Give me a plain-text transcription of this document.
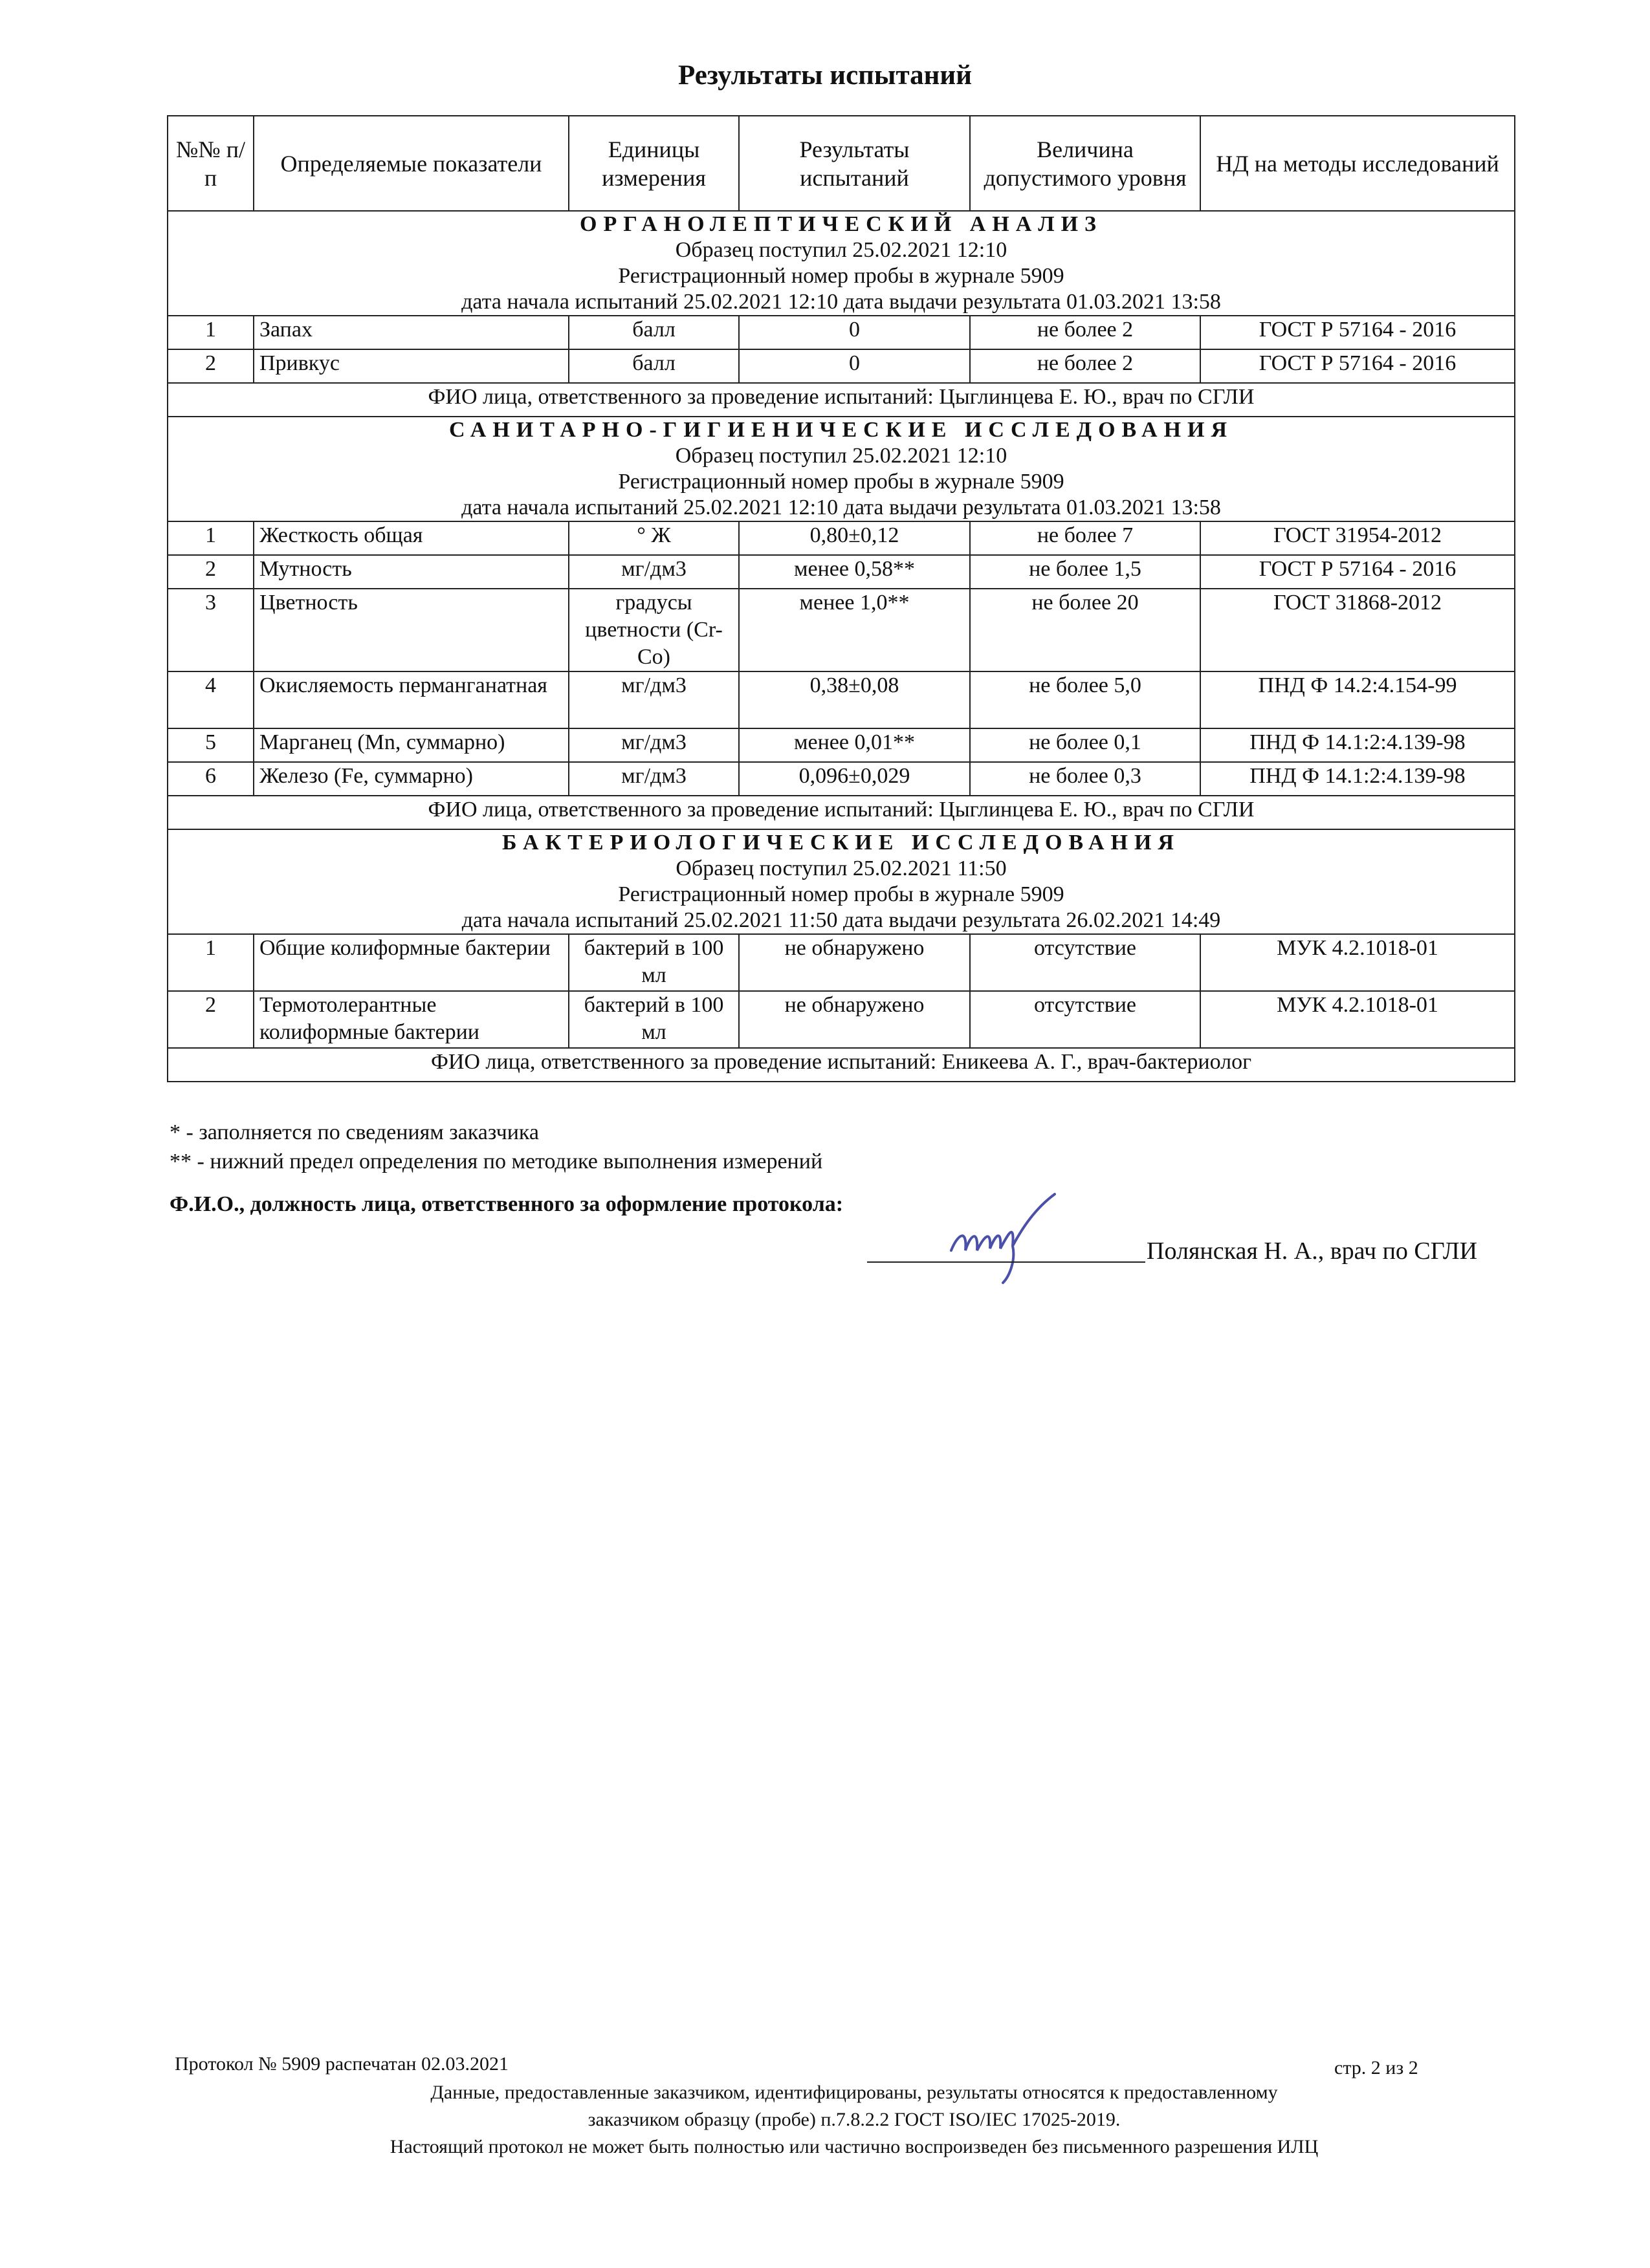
Результаты испытаний
№№ п/п	Определяемые показатели	Единицы измерения	Результаты испытаний	Величина допустимого уровня	НД на методы исследований

ОРГАНОЛЕПТИЧЕСКИЙ АНАЛИЗ
Образец поступил 25.02.2021 12:10
Регистрационный номер пробы в журнале 5909
дата начала испытаний 25.02.2021 12:10 дата выдачи результата 01.03.2021 13:58					

1	Запах	балл	0	не более 2	ГОСТ Р 57164 - 2016
2	Привкус	балл	0	не более 2	ГОСТ Р 57164 - 2016
ФИО лица, ответственного за проведение испытаний: Цыглинцева Е. Ю., врач по СГЛИ					

САНИТАРНО-ГИГИЕНИЧЕСКИЕ ИССЛЕДОВАНИЯ
Образец поступил 25.02.2021 12:10
Регистрационный номер пробы в журнале 5909
дата начала испытаний 25.02.2021 12:10 дата выдачи результата 01.03.2021 13:58					

1	Жесткость общая	° Ж	0,80±0,12	не более 7	ГОСТ 31954-2012
2	Мутность	мг/дм3	менее 0,58**	не более 1,5	ГОСТ Р 57164 - 2016
3	Цветность	градусы цветности (Cr-Co)	менее 1,0**	не более 20	ГОСТ 31868-2012
4	Окисляемость перманганатная	мг/дм3	0,38±0,08	не более 5,0	ПНД Ф 14.2:4.154-99
5	Марганец (Mn, суммарно)	мг/дм3	менее 0,01**	не более 0,1	ПНД Ф 14.1:2:4.139-98
6	Железо (Fe, суммарно)	мг/дм3	0,096±0,029	не более 0,3	ПНД Ф 14.1:2:4.139-98
ФИО лица, ответственного за проведение испытаний: Цыглинцева Е. Ю., врач по СГЛИ					

БАКТЕРИОЛОГИЧЕСКИЕ ИССЛЕДОВАНИЯ
Образец поступил 25.02.2021 11:50
Регистрационный номер пробы в журнале 5909
дата начала испытаний 25.02.2021 11:50 дата выдачи результата 26.02.2021 14:49					

1	Общие колиформные бактерии	бактерий в 100 мл	не обнаружено	отсутствие	МУК 4.2.1018-01
2	Термотолерантные колиформные бактерии	бактерий в 100 мл	не обнаружено	отсутствие	МУК 4.2.1018-01
ФИО лица, ответственного за проведение испытаний: Еникеева А. Г., врач-бактериолог					
* - заполняется по сведениям заказчика
** - нижний предел определения по методике выполнения измерений
Ф.И.О., должность лица, ответственного за оформление протокола:
Полянская Н. А., врач по СГЛИ
Протокол № 5909 распечатан 02.03.2021	стр. 2 из 2
Данные, предоставленные заказчиком, идентифицированы, результаты относятся к предоставленному
заказчиком образцу (пробе) п.7.8.2.2 ГОСТ ISO/IEC 17025-2019.
Настоящий протокол не может быть полностью или частично воспроизведен без письменного разрешения ИЛЦ
